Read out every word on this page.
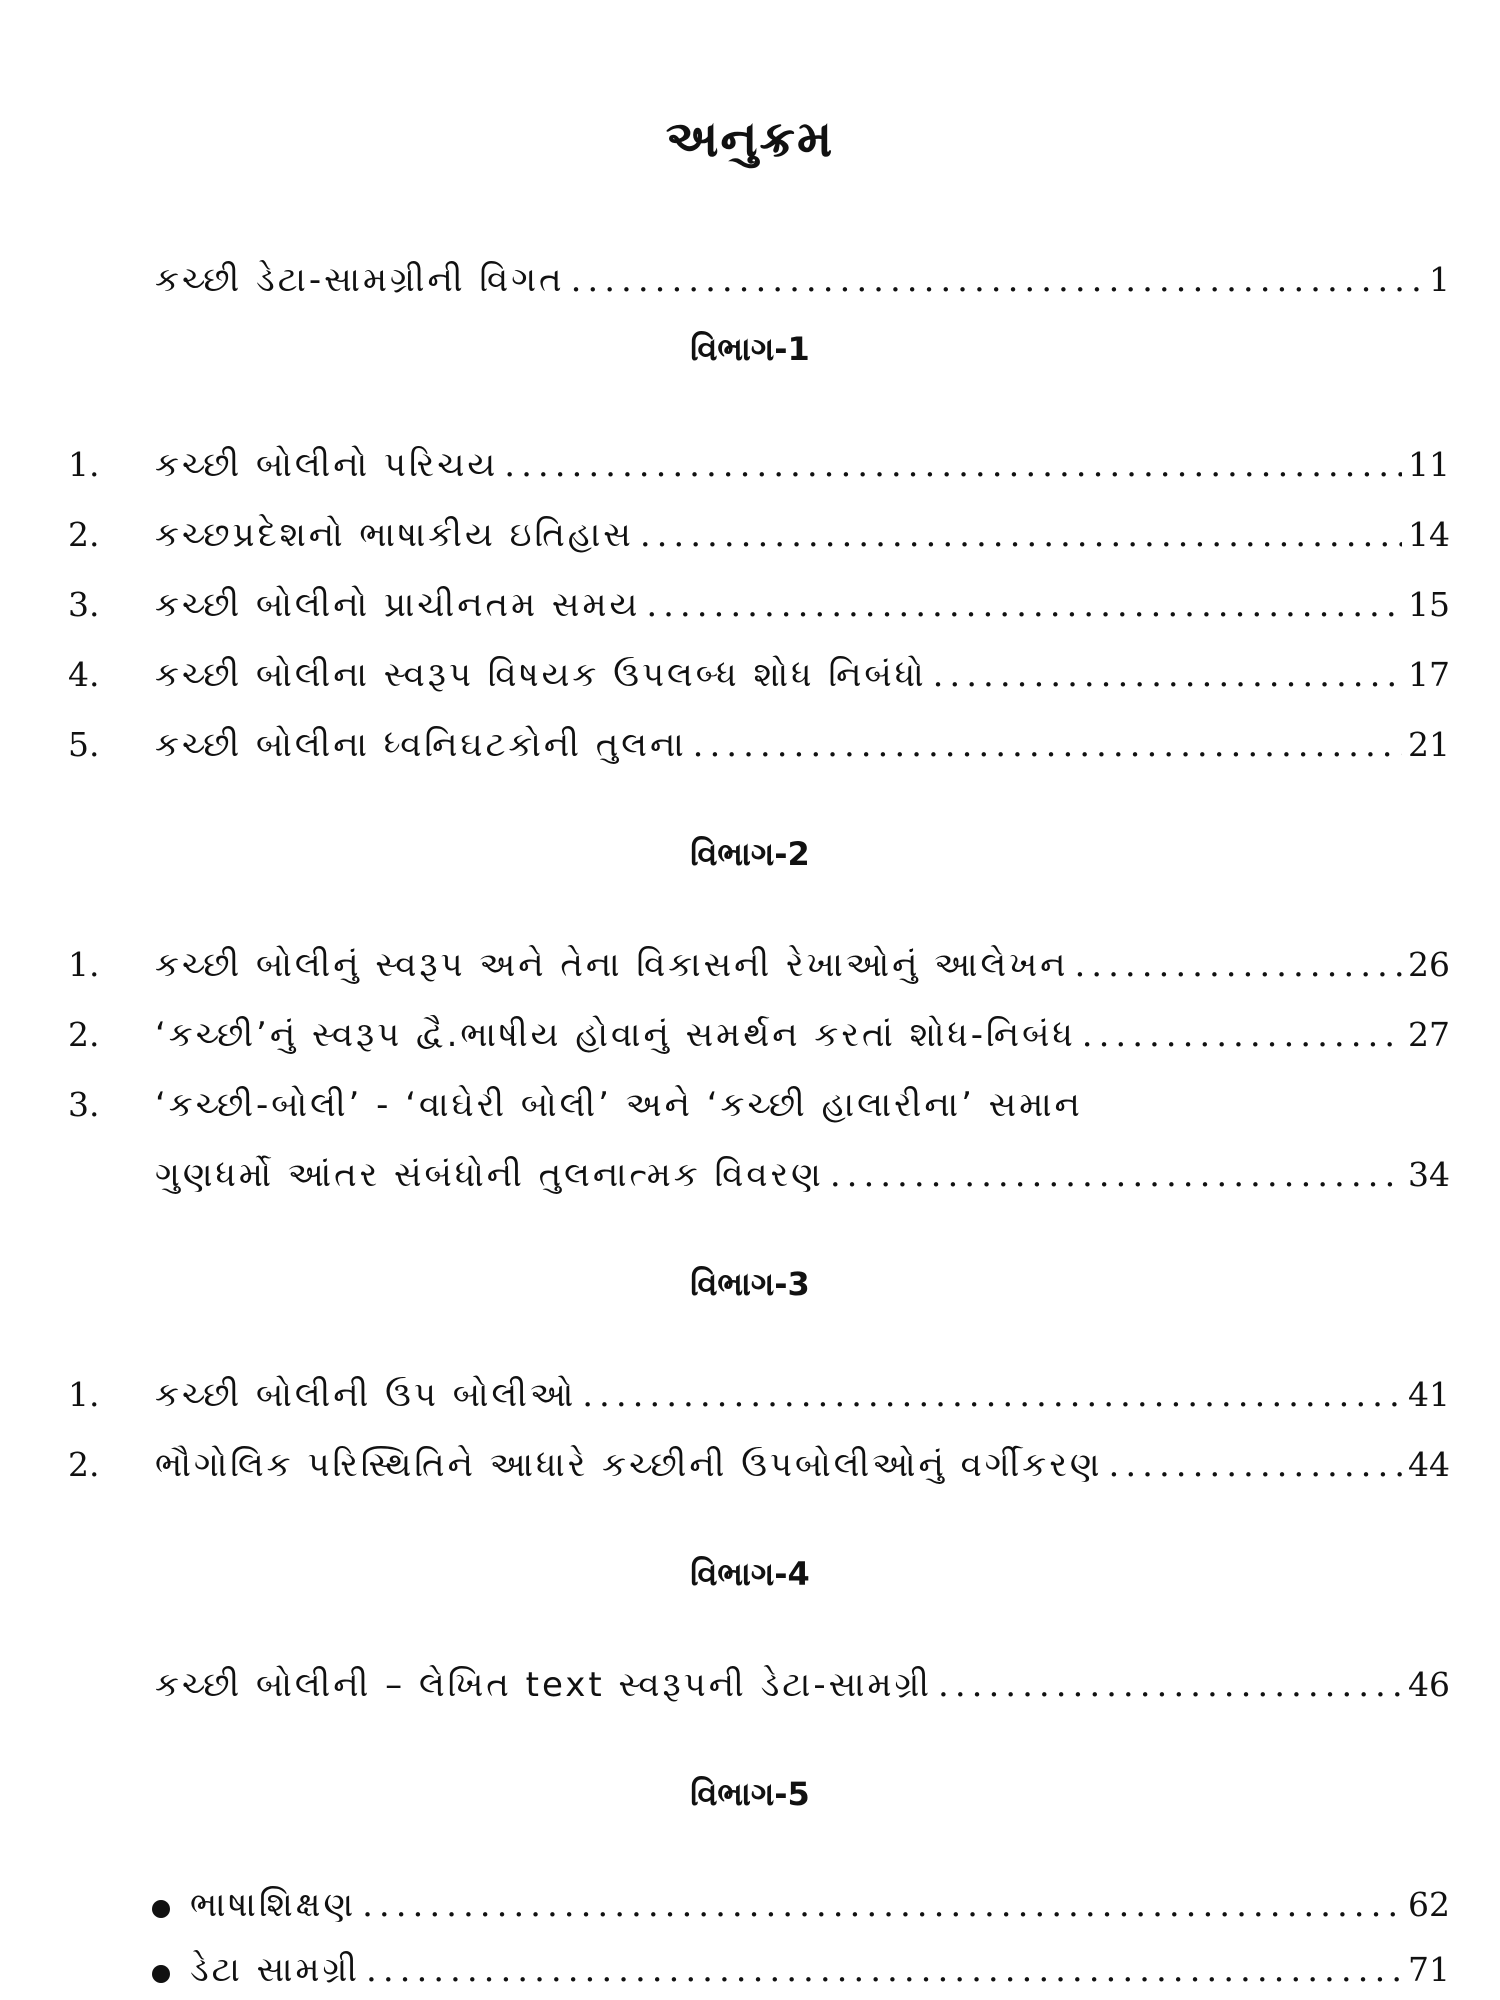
અનુક્રમ
કચ્છી ડેટા-સામગ્રીની વિગત .....	1
વિભાગ-1
1.	કચ્છી બોલીનો પરિચય .....	11
2.	કચ્છપ્રદેશનો ભાષાકીય ઇતિહાસ .....	14
3.	કચ્છી બોલીનો પ્રાચીનતમ સમય .....	15
4.	કચ્છી બોલીના સ્વરૂપ વિષયક ઉપલબ્ધ શોધ નિબંધો .....	17
5.	કચ્છી બોલીના ધ્વનિઘટકોની તુલના .....	21
વિભાગ-2
1.	કચ્છી બોલીનું સ્વરૂપ અને તેના વિકાસની રેખાઓનું આલેખન .....	26
2.	‘કચ્છી’નું સ્વરૂપ દ્વૈ.ભાષીય હોવાનું સમર્થન કરતાં શોધ-નિબંધ .....	27
3.	‘કચ્છી-બોલી’ - ‘વાઘેરી બોલી’ અને ‘કચ્છી હાલારીના’ સમાન
ગુણધર્મો આંતર સંબંધોની તુલનાત્મક વિવરણ .....	34
વિભાગ-3
1.	કચ્છી બોલીની ઉપ બોલીઓ .....	41
2.	ભૌગોલિક પરિસ્થિતિને આધારે કચ્છીની ઉપબોલીઓનું વર્ગીકરણ .....	44
વિભાગ-4
કચ્છી બોલીની – લેખિત text સ્વરૂપની ડેટા-સામગ્રી .....	46
વિભાગ-5
ભાષાશિક્ષણ .....	62
ડેટા સામગ્રી .....	71
